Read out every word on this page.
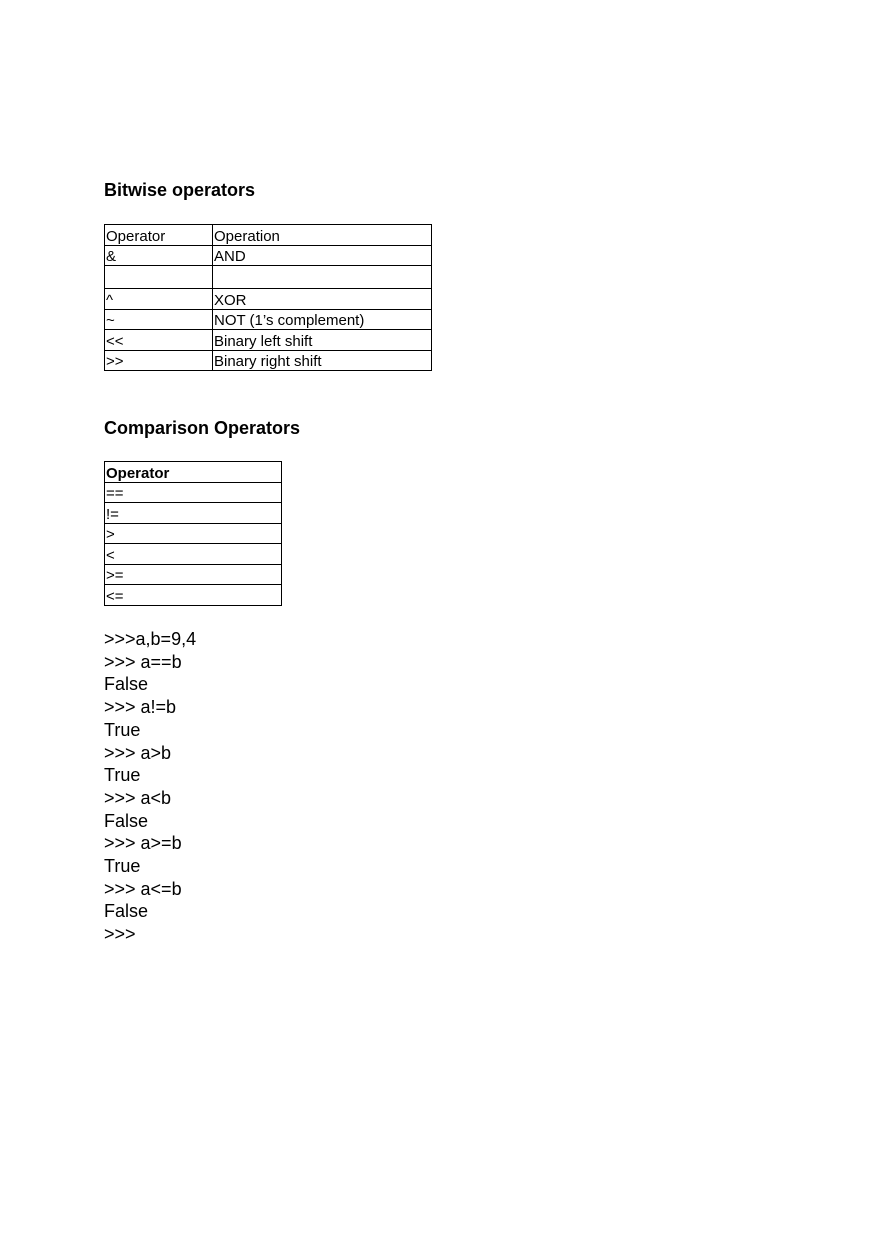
Bitwise operators
Operator	Operation
&	AND

^	XOR
~	NOT (1’s complement)
<<	Binary left shift
>>	Binary right shift
Comparison Operators
Operator
==
!=
>
<
>=
<=
>>>a,b=9,4
>>> a==b
False
>>> a!=b
True
>>> a>b
True
>>> a<b
False
>>> a>=b
True
>>> a<=b
False
>>>
